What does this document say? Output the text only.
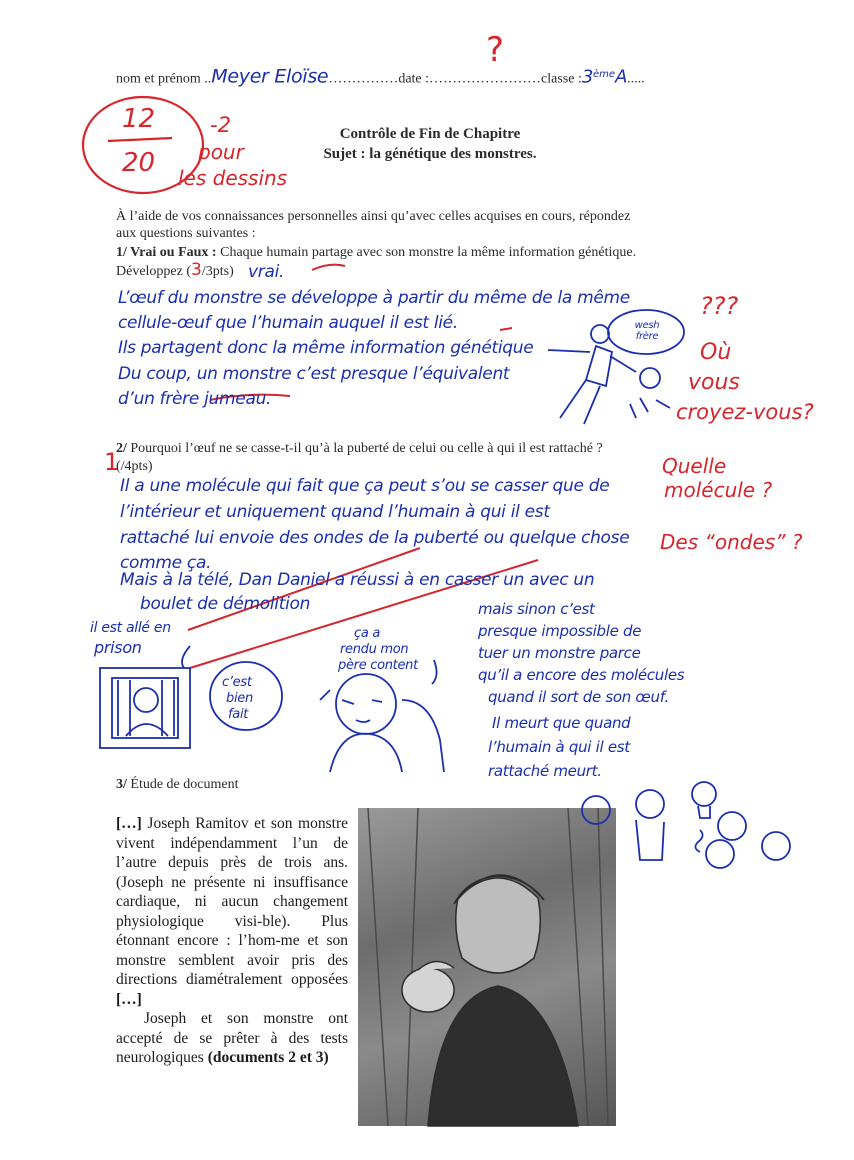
nom et prénom ..Meyer Eloïse……………date :……………………classe :3èmeA.....
?
12
20
-2
pour
les dessins
Contrôle de Fin de Chapitre
Sujet : la génétique des monstres.
À l’aide de vos connaissances personnelles ainsi qu’avec celles acquises en cours, répondez
aux questions suivantes :
1/ Vrai ou Faux : Chaque humain partage avec son monstre la même information génétique.
Développez (3/3pts) vrai.
L’œuf du monstre se développe à partir du même de la même
cellule-œuf que l’humain auquel il est lié.
Ils partagent donc la même information génétique
Du coup, un monstre c’est presque l’équivalent
d’un frère jumeau.
wesh frère
???
Où
vous
croyez-vous?
2/ Pourquoi l’œuf ne se casse-t-il qu’à la puberté de celui ou celle à qui il est rattaché ?
(/4pts)
1
Il a une molécule qui fait que ça peut s’ou se casser que de
l’intérieur et uniquement quand l’humain à qui il est
rattaché lui envoie des ondes de la puberté ou quelque chose
comme ça.
Mais à la télé, Dan Daniel a réussi à en casser un avec un
boulet de démolition
Quelle
molécule ?
Des “ondes” ?
il est allé en
prison
c’est
bien
fait
ça a
rendu mon
père content
mais sinon c’est
presque impossible de
tuer un monstre parce
qu’il a encore des molécules
quand il sort de son œuf.
Il meurt que quand
l’humain à qui il est
rattaché meurt.
3/ Étude de document
[…] Joseph Ramitov et son monstre vivent indépendamment l’un de l’autre depuis près de trois ans. (Joseph ne présente ni insuffisance cardiaque, ni aucun changement physiologique visi-ble). Plus étonnant encore : l’hom-me et son monstre semblent avoir pris des directions diamétralement opposées […]
Joseph et son monstre ont accepté de se prêter à des tests neurologiques (documents 2 et 3)
